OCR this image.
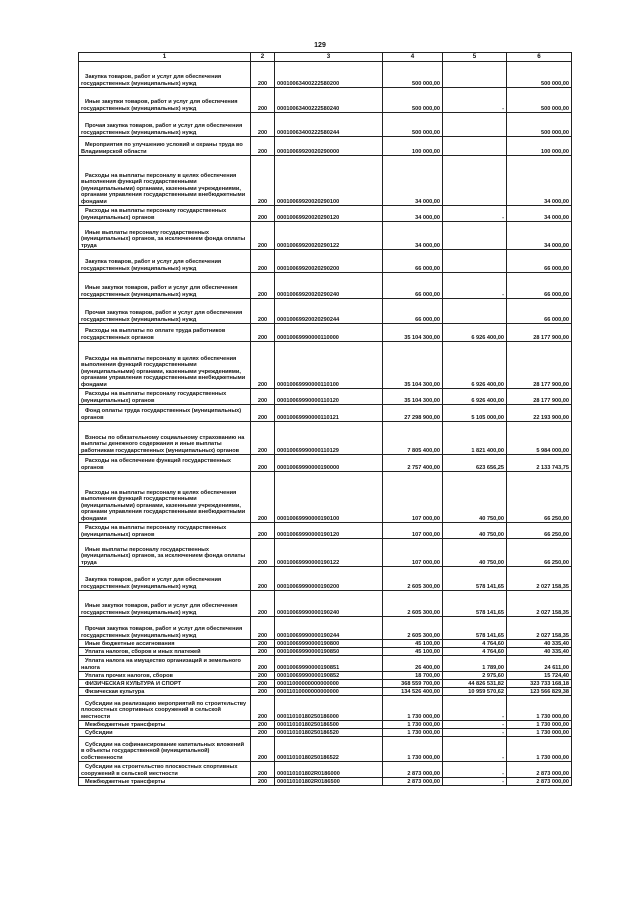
129
1	2	3	4	5	6
Закупка товаров, работ и услуг для обеспечения государственных (муниципальных) нужд	200	00010063400222580200	500 000,00		500 000,00
Иные закупки товаров, работ и услуг для обеспечения государственных (муниципальных) нужд	200	00010063400222580240	500 000,00	-	500 000,00
Прочая закупка товаров, работ и услуг для обеспечения государственных (муниципальных) нужд	200	00010063400222580244	500 000,00		500 000,00
Мероприятия по улучшению условий и охраны труда во Владимирской области	200	00010069920020290000	100 000,00		100 000,00
Расходы на выплаты персоналу в целях обеспечения выполнения функций государственными (муниципальными) органами, казенными учреждениями, органами управления государственными внебюджетными фондами	200	00010069920020290100	34 000,00		34 000,00
Расходы на выплаты персоналу государственных (муниципальных) органов	200	00010069920020290120	34 000,00	-	34 000,00
Иные выплаты персоналу государственных (муниципальных) органов, за исключением фонда оплаты труда	200	00010069920020290122	34 000,00		34 000,00
Закупка товаров, работ и услуг для обеспечения государственных (муниципальных) нужд	200	00010069920020290200	66 000,00		66 000,00
Иные закупки товаров, работ и услуг для обеспечения государственных (муниципальных) нужд	200	00010069920020290240	66 000,00	-	66 000,00
Прочая закупка товаров, работ и услуг для обеспечения государственных (муниципальных) нужд	200	00010069920020290244	66 000,00		66 000,00
Расходы на выплаты по оплате труда работников государственных органов	200	00010069990000110000	35 104 300,00	6 926 400,00	28 177 900,00
Расходы на выплаты персоналу в целях обеспечения выполнения функций государственными (муниципальными) органами, казенными учреждениями, органами управления государственными внебюджетными фондами	200	00010069990000110100	35 104 300,00	6 926 400,00	28 177 900,00
Расходы на выплаты персоналу государственных (муниципальных) органов	200	00010069990000110120	35 104 300,00	6 926 400,00	28 177 900,00
Фонд оплаты труда государственных (муниципальных) органов	200	00010069990000110121	27 298 900,00	5 105 000,00	22 193 900,00
Взносы по обязательному социальному страхованию на выплаты денежного содержания и иные выплаты работникам государственных (муниципальных) органов	200	00010069990000110129	7 805 400,00	1 821 400,00	5 984 000,00
Расходы на обеспечение функций государственных органов	200	00010069990000190000	2 757 400,00	623 656,25	2 133 743,75
Расходы на выплаты персоналу в целях обеспечения выполнения функций государственными (муниципальными) органами, казенными учреждениями, органами управления государственными внебюджетными фондами	200	00010069990000190100	107 000,00	40 750,00	66 250,00
Расходы на выплаты персоналу государственных (муниципальных) органов	200	00010069990000190120	107 000,00	40 750,00	66 250,00
Иные выплаты персоналу государственных (муниципальных) органов, за исключением фонда оплаты труда	200	00010069990000190122	107 000,00	40 750,00	66 250,00
Закупка товаров, работ и услуг для обеспечения государственных (муниципальных) нужд	200	00010069990000190200	2 605 300,00	578 141,65	2 027 158,35
Иные закупки товаров, работ и услуг для обеспечения государственных (муниципальных) нужд	200	00010069990000190240	2 605 300,00	578 141,65	2 027 158,35
Прочая закупка товаров, работ и услуг для обеспечения государственных (муниципальных) нужд	200	00010069990000190244	2 605 300,00	578 141,65	2 027 158,35
Иные бюджетные ассигнования	200	00010069990000190800	45 100,00	4 764,60	40 335,40
Уплата налогов, сборов и иных платежей	200	00010069990000190850	45 100,00	4 764,60	40 335,40
Уплата налога на имущество организаций и земельного налога	200	00010069990000190851	26 400,00	1 789,00	24 611,00
Уплата прочих налогов, сборов	200	00010069990000190852	18 700,00	2 975,60	15 724,40
ФИЗИЧЕСКАЯ КУЛЬТУРА И СПОРТ	200	00011000000000000000	368 559 700,00	44 826 531,82	323 733 168,18
Физическая культура	200	00011010000000000000	134 526 400,00	10 959 570,62	123 566 829,38
Субсидии на реализацию мероприятий по строительству плоскостных спортивных сооружений в сельской местности	200	00011010180250186000	1 730 000,00	-	1 730 000,00
Межбюджетные трансферты	200	00011010180250186500	1 730 000,00	-	1 730 000,00
Субсидии	200	00011010180250186520	1 730 000,00	-	1 730 000,00
Субсидии на софинансирование капитальных вложений в объекты государственной (муниципальной) собственности	200	00011010180250186522	1 730 000,00	-	1 730 000,00
Субсидии на строительство плоскостных спортивных сооружений в сельской местности	200	000110101802R0186000	2 873 000,00	-	2 873 000,00
Межбюджетные трансферты	200	000110101802R0186500	2 873 000,00	-	2 873 000,00
